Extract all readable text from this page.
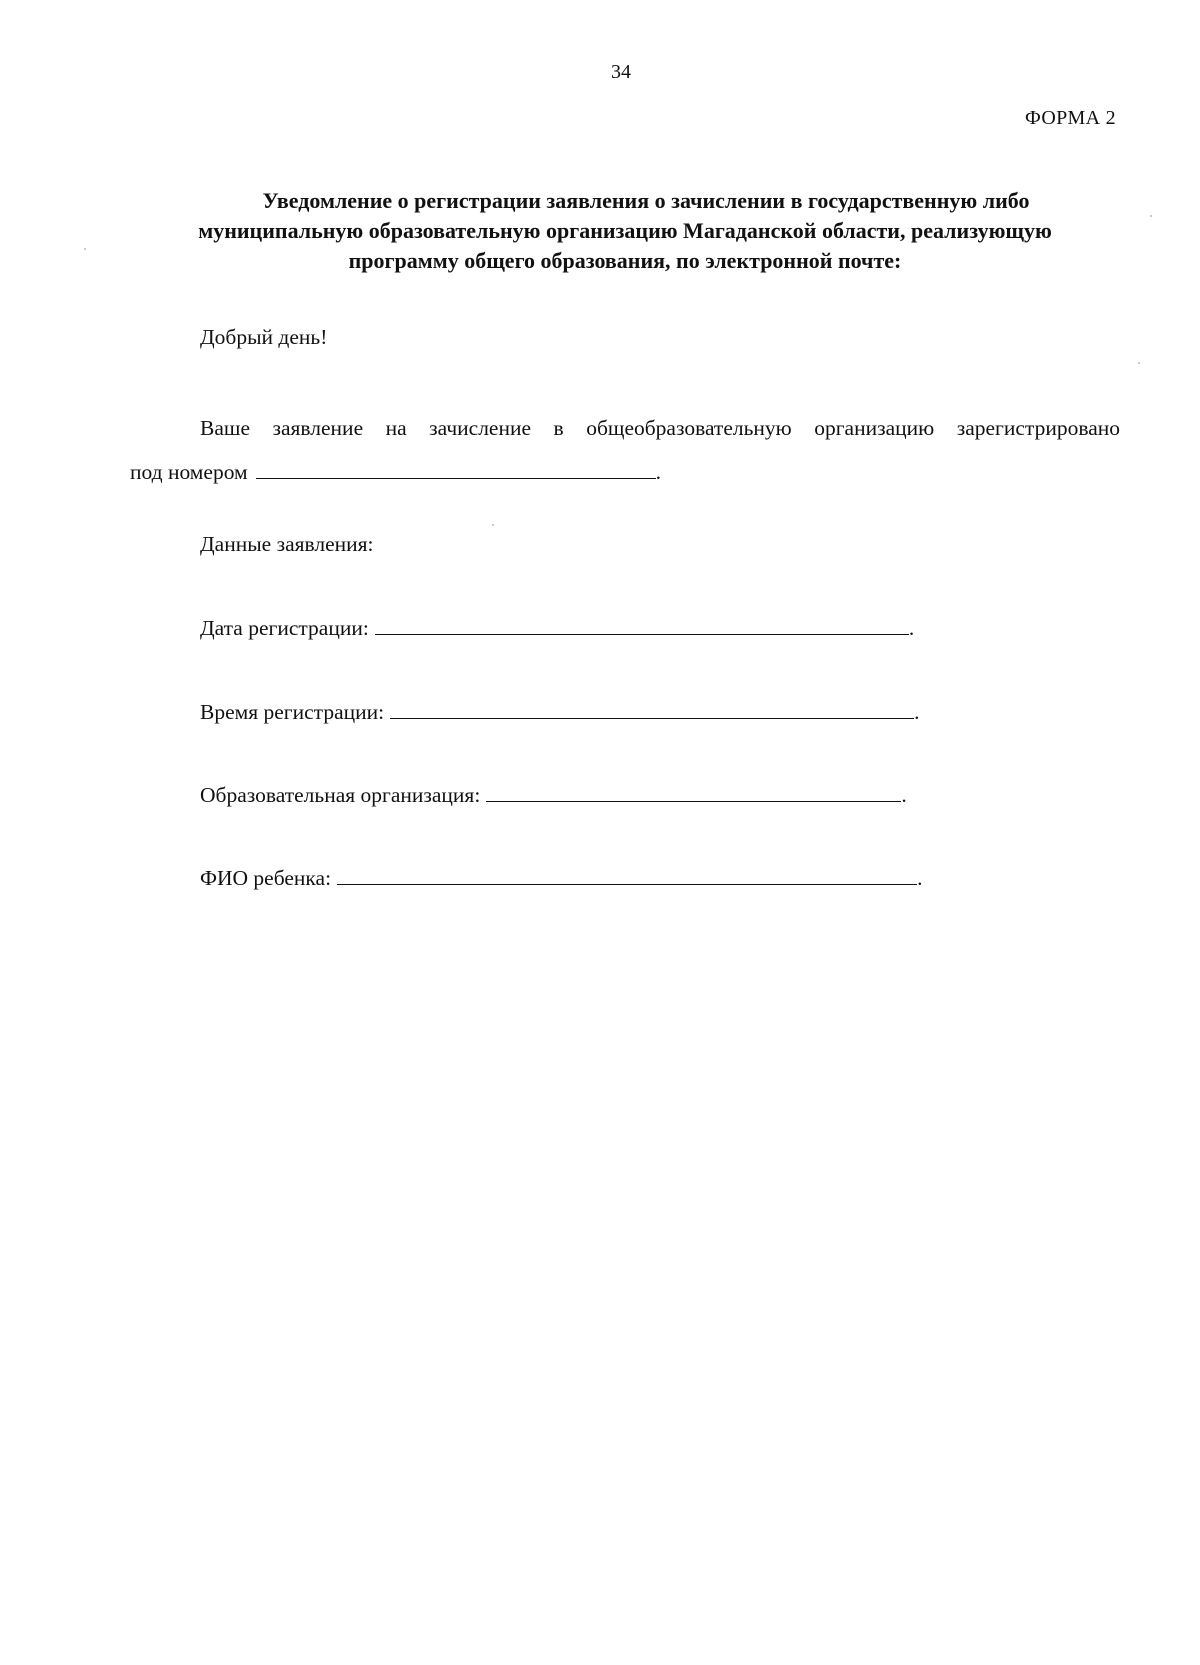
34
ФОРМА 2
Уведомление о регистрации заявления о зачислении в государственную либо
муниципальную образовательную организацию Магаданской области, реализующую
программу общего образования, по электронной почте:
Добрый день!
Ваше заявление на зачисление в общеобразовательную организацию зарегистрировано
под номером	.
Данные заявления:
Дата регистрации:	.
Время регистрации:	.
Образовательная организация:	.
ФИО ребенка:	.
